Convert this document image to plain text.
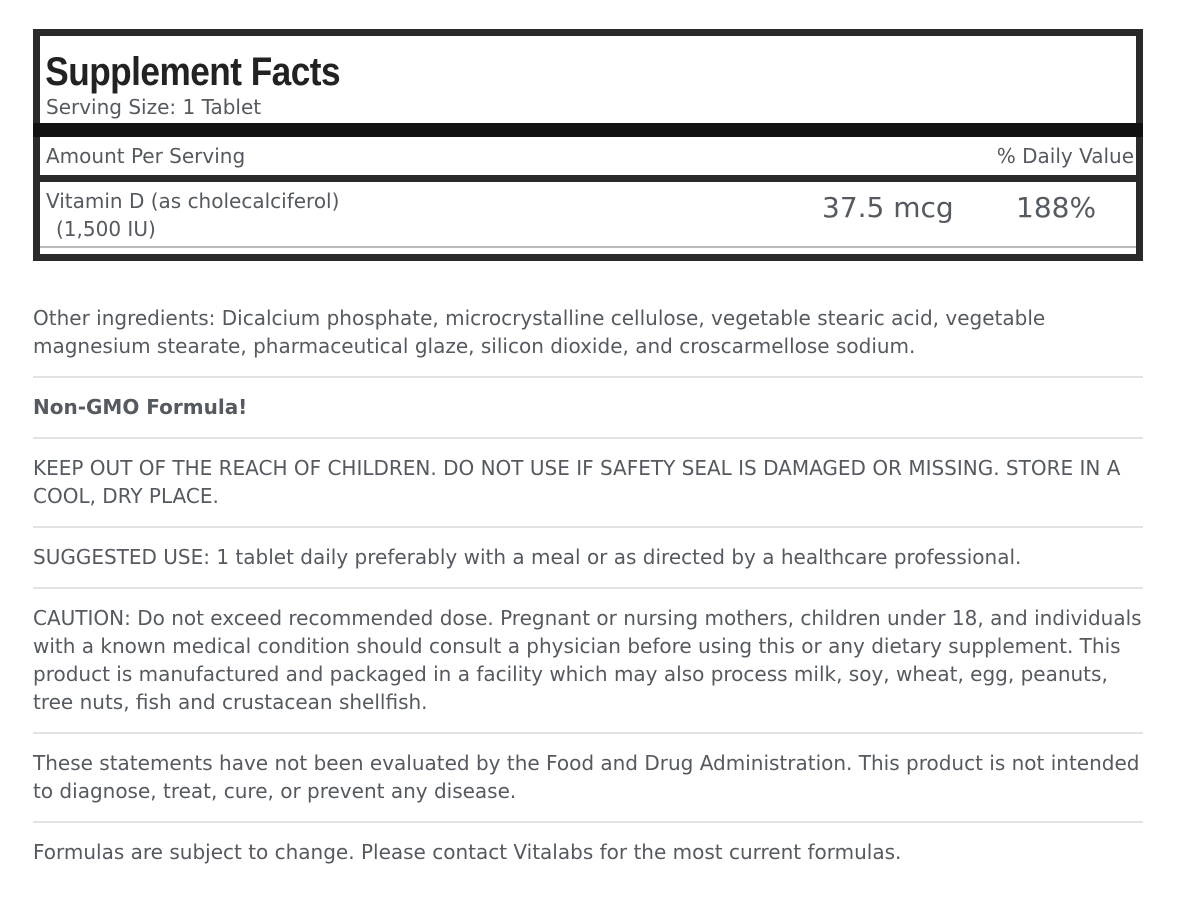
Supplement Facts
Serving Size: 1 Tablet
Amount Per Serving	% Daily Value
Vitamin D (as cholecalciferol)
(1,500 IU)
37.5 mcg 188%
Other ingredients: Dicalcium phosphate, microcrystalline cellulose, vegetable stearic acid, vegetable magnesium stearate, pharmaceutical glaze, silicon dioxide, and croscarmellose sodium.
Non-GMO Formula!
KEEP OUT OF THE REACH OF CHILDREN. DO NOT USE IF SAFETY SEAL IS DAMAGED OR MISSING. STORE IN A COOL, DRY PLACE.
SUGGESTED USE: 1 tablet daily preferably with a meal or as directed by a healthcare professional.
CAUTION: Do not exceed recommended dose. Pregnant or nursing mothers, children under 18, and individuals with a known medical condition should consult a physician before using this or any dietary supplement. This product is manufactured and packaged in a facility which may also process milk, soy, wheat, egg, peanuts, tree nuts, fish and crustacean shellfish.
These statements have not been evaluated by the Food and Drug Administration. This product is not intended to diagnose, treat, cure, or prevent any disease.
Formulas are subject to change. Please contact Vitalabs for the most current formulas.
